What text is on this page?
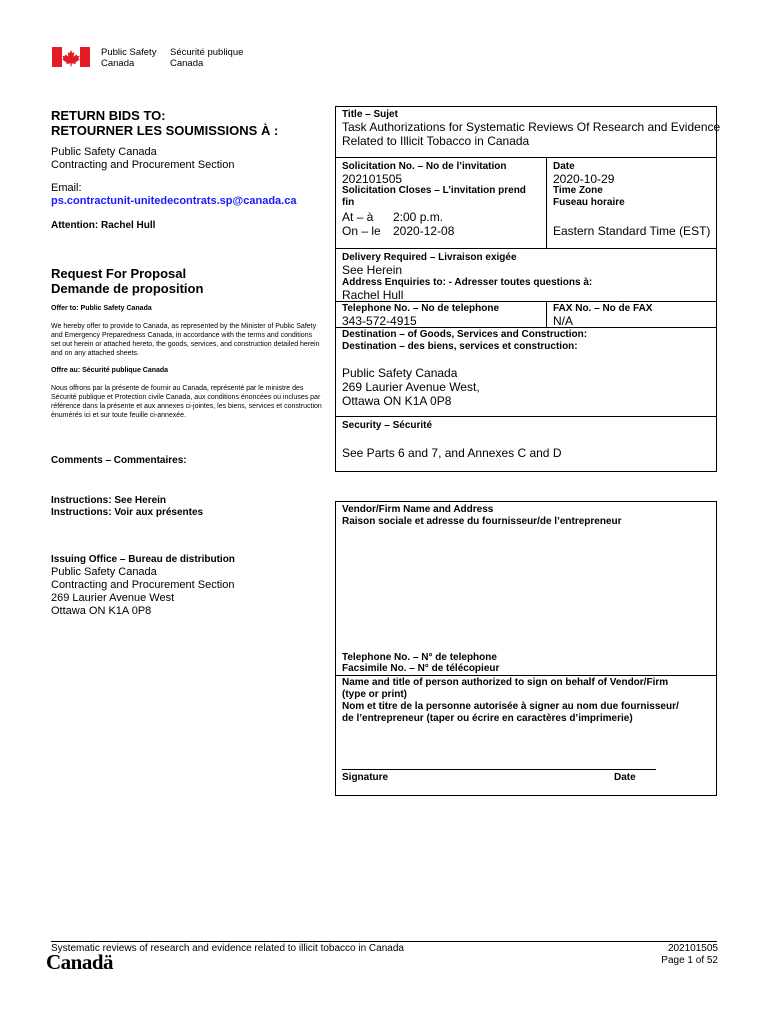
Public Safety
Canada
Sécurité publique
Canada
RETURN BIDS TO:
RETOURNER LES SOUMISSIONS À :
Public Safety Canada
Contracting and Procurement Section
Email:
ps.contractunit-unitedecontrats.sp@canada.ca
Attention: Rachel Hull
Request For Proposal
Demande de proposition
Offer to: Public Safety Canada
We hereby offer to provide to Canada, as represented by the Minister of Public Safety and Emergency Preparedness Canada, in accordance with the terms and conditions set out herein or attached hereto, the goods, services, and construction detailed herein and on any attached sheets.
Offre au: Sécurité publique Canada
Nous offrons par la présente de fournir au Canada, représenté par le ministre des Sécurité publique et Protection civile Canada, aux conditions énoncées ou incluses par référence dans la présente et aux annexes ci-jointes, les biens, services et construction énumérés ici et sur toute feuille ci-annexée.
Comments – Commentaires:
Instructions: See Herein
Instructions: Voir aux présentes
Issuing Office – Bureau de distribution
Public Safety Canada
Contracting and Procurement Section
269 Laurier Avenue West
Ottawa ON K1A 0P8
Title – Sujet
Task Authorizations for Systematic Reviews Of Research and Evidence
Related to Illicit Tobacco in Canada
Solicitation No. – No de l’invitation
202101505
Solicitation Closes – L’invitation prend
fin
At – à 2:00 p.m.
On – le 2020-12-08
Date
2020-10-29
Time Zone
Fuseau horaire
Eastern Standard Time (EST)
Delivery Required – Livraison exigée
See Herein
Address Enquiries to: - Adresser toutes questions à:
Rachel Hull
Telephone No. – No de telephone
343-572-4915
FAX No. – No de FAX
N/A
Destination – of Goods, Services and Construction:
Destination – des biens, services et construction:
Public Safety Canada
269 Laurier Avenue West,
Ottawa ON K1A 0P8
Security – Sécurité
See Parts 6 and 7, and Annexes C and D
Vendor/Firm Name and Address
Raison sociale et adresse du fournisseur/de l’entrepreneur
Telephone No. – N° de telephone
Facsimile No. – N° de télécopieur
Name and title of person authorized to sign on behalf of Vendor/Firm
(type or print)
Nom et titre de la personne autorisée à signer au nom due fournisseur/
de l’entrepreneur (taper ou écrire en caractères d’imprimerie)
Signature	Date
Systematic reviews of research and evidence related to illicit tobacco in Canada
Canadä
202101505
Page 1 of 52
